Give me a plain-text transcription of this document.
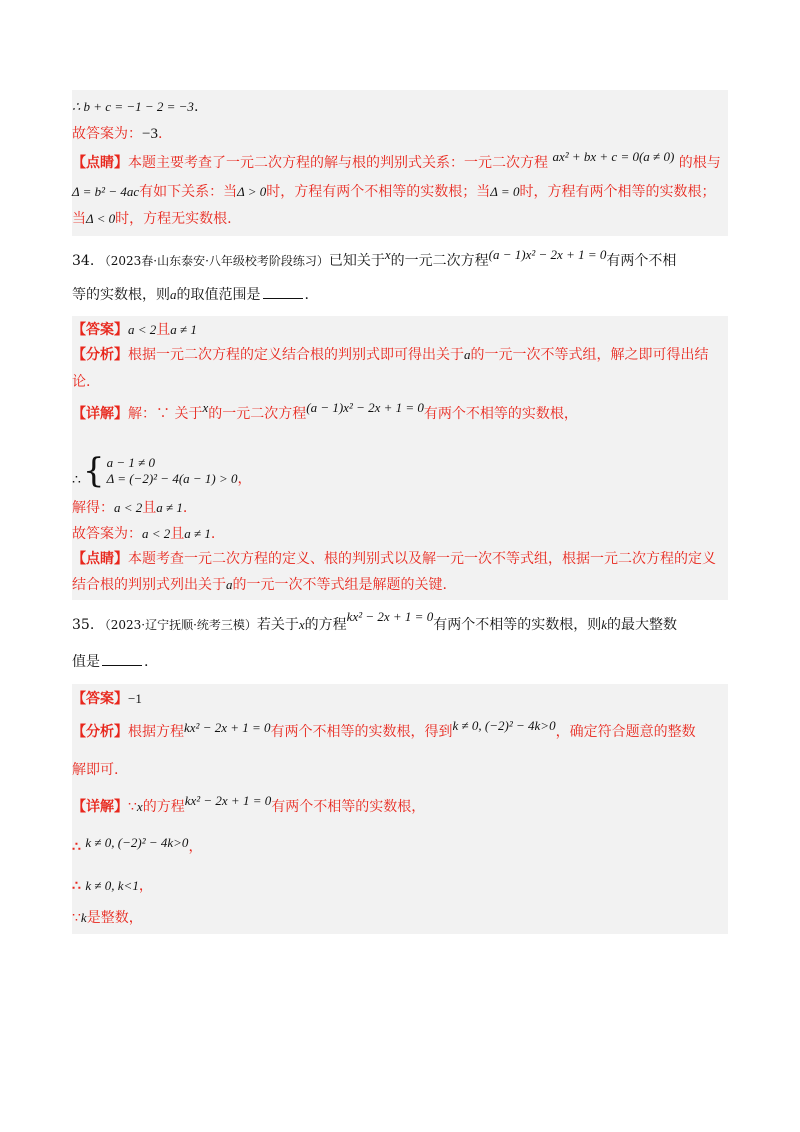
∴ b + c = −1 − 2 = −3.
故答案为：−3.
【点睛】本题主要考查了一元二次方程的解与根的判别式关系：一元二次方程 ax² + bx + c = 0(a ≠ 0) 的根与
Δ = b² − 4ac有如下关系：当Δ > 0时，方程有两个不相等的实数根；当Δ = 0时，方程有两个相等的实数根；
当Δ < 0时，方程无实数根.
34. （2023春·山东泰安·八年级校考阶段练习）已知关于x的一元二次方程(a − 1)x² − 2x + 1 = 0有两个不相
等的实数根，则a的取值范围是	.
【答案】a < 2且a ≠ 1
【分析】根据一元二次方程的定义结合根的判别式即可得出关于a的一元一次不等式组，解之即可得出结
论.
【详解】解：∵ 关于x的一元二次方程(a − 1)x² − 2x + 1 = 0有两个不相等的实数根，
∴ { a − 1 ≠ 0
Δ = (−2)² − 4(a − 1) > 0 ，
解得：a < 2且a ≠ 1.
故答案为：a < 2且a ≠ 1.
【点睛】本题考查一元二次方程的定义、根的判别式以及解一元一次不等式组，根据一元二次方程的定义
结合根的判别式列出关于a的一元一次不等式组是解题的关键.
35. （2023·辽宁抚顺·统考三模）若关于x的方程kx² − 2x + 1 = 0有两个不相等的实数根，则k的最大整数
值是	.
【答案】−1
【分析】根据方程kx² − 2x + 1 = 0有两个不相等的实数根，得到k ≠ 0, (−2)² − 4k>0，确定符合题意的整数
解即可.
【详解】∵x的方程kx² − 2x + 1 = 0有两个不相等的实数根，
∴ k ≠ 0, (−2)² − 4k>0，
∴ k ≠ 0, k<1，
∵k是整数，
